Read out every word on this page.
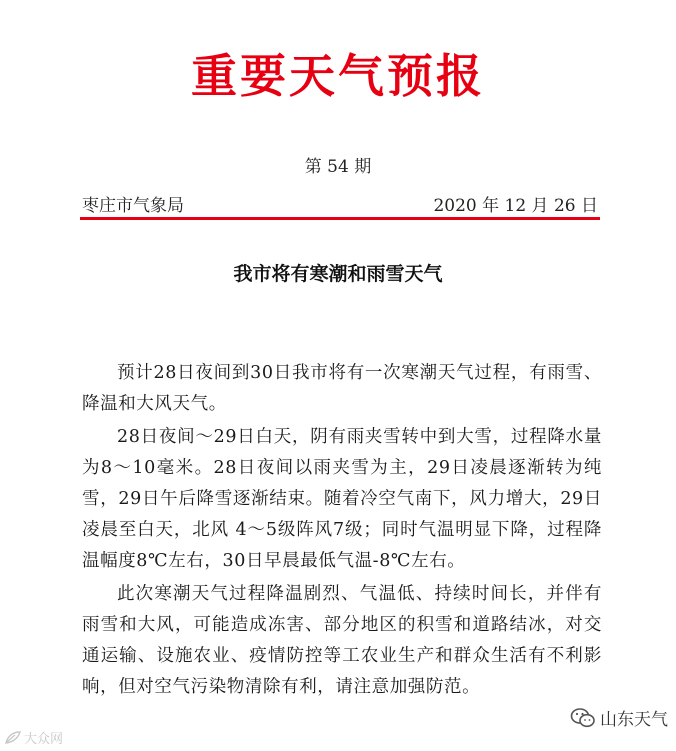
重要天气预报
第 54 期
枣庄市气象局	2020 年 12 月 26 日
我市将有寒潮和雨雪天气

预计28日夜间到30日我市将有一次寒潮天气过程，有雨雪、降温和大风天气。

28日夜间～29日白天，阴有雨夹雪转中到大雪，过程降水量为8～10毫米。28日夜间以雨夹雪为主，29日凌晨逐渐转为纯雪，29日午后降雪逐渐结束。随着冷空气南下，风力增大，29日凌晨至白天，北风 4～5级阵风7级；同时气温明显下降，过程降温幅度8℃左右，30日早晨最低气温-8℃左右。

此次寒潮天气过程降温剧烈、气温低、持续时间长，并伴有雨雪和大风，可能造成冻害、部分地区的积雪和道路结冰，对交通运输、设施农业、疫情防控等工农业生产和群众生活有不利影响，但对空气污染物清除有利，请注意加强防范。

大众网
山东天气
